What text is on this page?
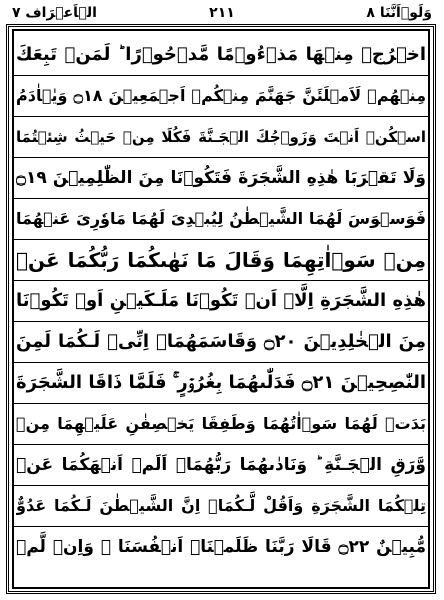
وَلَوۡاَنَّنَا ٨
٢١١
الۡاَعۡرَاف ٧
اخۡرُجۡ مِنۡهَا مَذۡءُوۡمًا مَّدۡحُوۡرًا ؕ لَمَنۡ تَبِعَكَ
مِنۡهُمۡ لَاَمۡلَئَنَّ جَهَنَّمَ مِنۡكُمۡ اَجۡمَعِيۡنَ ۝١٨ وَيٰۤاٰدَمُ
اسۡكُنۡ اَنۡتَ وَزَوۡجُكَ الۡجَـنَّةَ فَكُلَا مِنۡ حَيۡثُ شِئۡتُمَا
وَلَا تَقۡرَبَا هٰذِهِ الشَّجَرَةَ فَتَكُوۡنَا مِنَ الظّٰلِمِيۡنَ ۝١٩
فَوَسۡوَسَ لَهُمَا الشَّيۡطٰنُ لِيُبۡدِىَ لَهُمَا مَاوٗرِىَ عَنۡهُمَا
مِنۡ سَوۡاٰتِهِمَا وَقَالَ مَا نَهٰٮكُمَا رَبُّكُمَا عَنۡ
هٰذِهِ الشَّجَرَةِ اِلَّاۤ اَنۡ تَكُوۡنَا مَلَـكَيۡنِ اَوۡ تَكُوۡنَا
مِنَ الۡخٰلِدِيۡنَ ۝٢٠ وَقَاسَمَهُمَاۤ اِنِّىۡ لَـكُمَا لَمِنَ
النّٰصِحِيۡنَ ۝٢١ فَدَلّٰٮهُمَا بِغُرُوۡرٍ ۚ فَلَمَّا ذَاقَا الشَّجَرَةَ
بَدَتۡ لَهُمَا سَوۡاٰتُهُمَا وَطَفِقَا يَخۡصِفٰنِ عَلَيۡهِمَا مِنۡ
وَّرَقِ الۡجَـنَّةِ ؕ وَنَادٰٮهُمَا رَبُّهُمَاۤ اَلَمۡ اَنۡهَكُمَا عَنۡ
تِلۡكُمَا الشَّجَرَةِ وَاَقُلْ لَّـكُمَاۤ اِنَّ الشَّيۡطٰنَ لَـكُمَا عَدُوٌّ
مُّبِيۡنٌ ۝٢٢ قَالَا رَبَّنَا ظَلَمۡنَاۤ اَنۡفُسَنَا ۚ وَاِنۡ لَّمۡ
